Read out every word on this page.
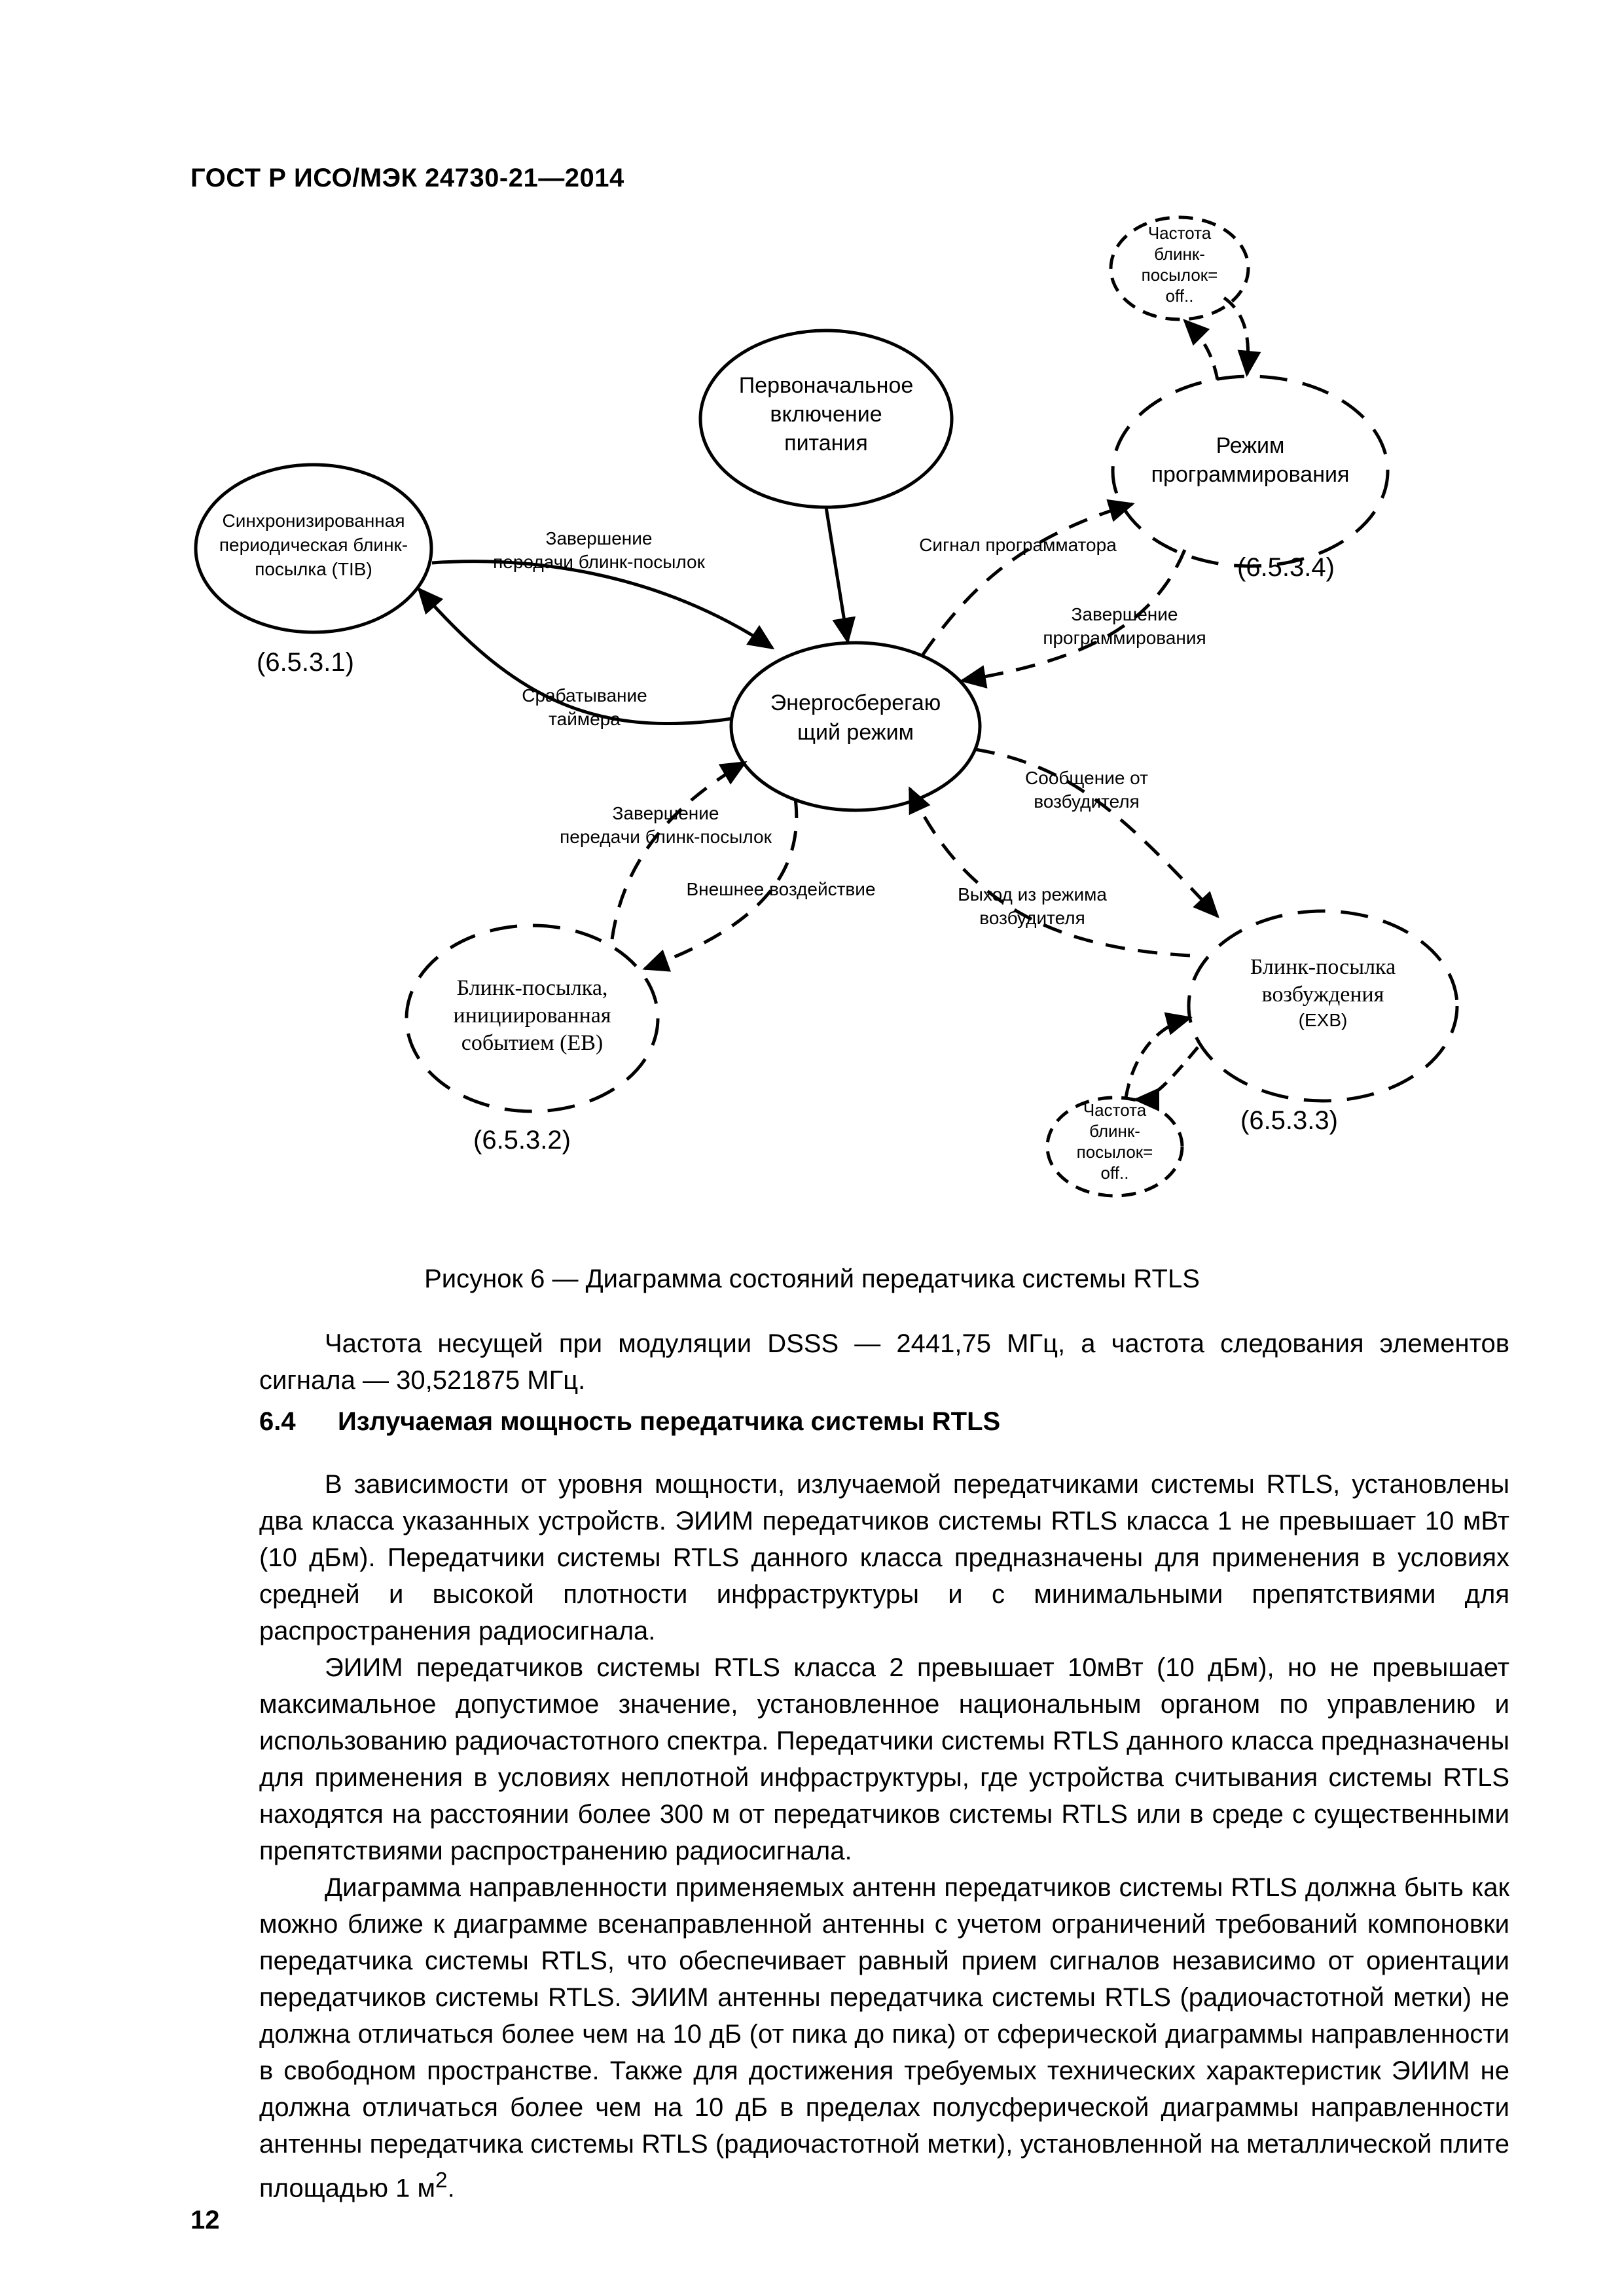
ГОСТ Р ИСО/МЭК 24730-21—2014
Первоначальное
включение
питания
Синхронизированная
периодическая блинк-
посылка (TIB)
Энергосберегаю
щий режим
Режим
программирования
Блинк-посылка,
инициированная
событием (EB)
Блинк-посылка
возбуждения
(EXB)
Частота
блинк-
посылок=
off..
Частота
блинк-
посылок=
off..
(6.5.3.1)
(6.5.3.4)
(6.5.3.2)
(6.5.3.3)
Завершение
передачи блинк-посылок
Срабатывание
таймера
Сигнал программатора
Завершение
программирования
Завершение
передачи блинк-посылок
Внешнее воздействие
Сообщение от
возбудителя
Выход из режима
возбудителя
Рисунок 6 — Диаграмма состояний передатчика системы RTLS

Частота несущей при модуляции DSSS — 2441,75 МГц, а частота следования элементов сигнала — 30,521875 МГц.

6.4 Излучаемая мощность передатчика системы RTLS

В зависимости от уровня мощности, излучаемой передатчиками системы RTLS, установлены два класса указанных устройств. ЭИИМ передатчиков системы RTLS класса 1 не превышает 10 мВт (10 дБм). Передатчики системы RTLS данного класса предназначены для применения в условиях средней и высокой плотности инфраструктуры и с минимальными препятствиями для распространения радиосигнала.

ЭИИМ передатчиков системы RTLS класса 2 превышает 10мВт (10 дБм), но не превышает максимальное допустимое значение, установленное национальным органом по управлению и использованию радиочастотного спектра. Передатчики системы RTLS данного класса предназначены для применения в условиях неплотной инфраструктуры, где устройства считывания системы RTLS находятся на расстоянии более 300 м от передатчиков системы RTLS или в среде с существенными препятствиями распространению радиосигнала.

Диаграмма направленности применяемых антенн передатчиков системы RTLS должна быть как можно ближе к диаграмме всенаправленной антенны с учетом ограничений требований компоновки передатчика системы RTLS, что обеспечивает равный прием сигналов независимо от ориентации передатчиков системы RTLS. ЭИИМ антенны передатчика системы RTLS (радиочастотной метки) не должна отличаться более чем на 10 дБ (от пика до пика) от сферической диаграммы направленности в свободном пространстве. Также для достижения требуемых технических характеристик ЭИИМ не должна отличаться более чем на 10 дБ в пределах полусферической диаграммы направленности антенны передатчика системы RTLS (радиочастотной метки), установленной на металлической плите площадью 1 $м^2$.

12
